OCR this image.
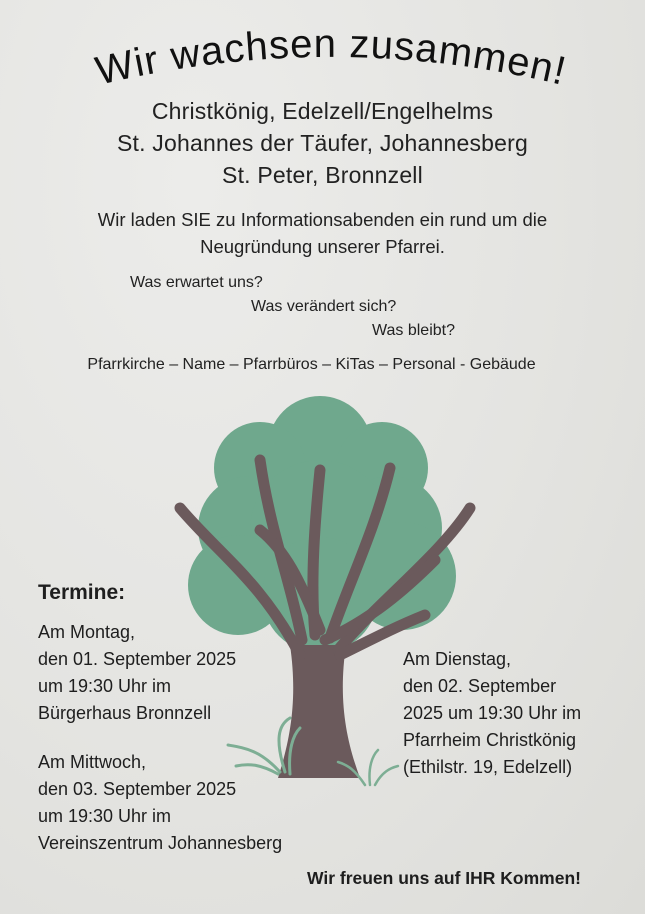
Wir wachsen zusammen!
Christkönig, Edelzell/Engelhelms
St. Johannes der Täufer, Johannesberg
St. Peter, Bronnzell
Wir laden SIE zu Informationsabenden ein rund um die
Neugründung unserer Pfarrei.
Was erwartet uns?
Was verändert sich?
Was bleibt?
Pfarrkirche – Name – Pfarrbüros – KiTas – Personal - Gebäude
Termine:
Am Montag,
den 01. September 2025
um 19:30 Uhr im
Bürgerhaus Bronnzell
Am Dienstag,
den 02. September
2025 um 19:30 Uhr im
Pfarrheim Christkönig
(Ethilstr. 19, Edelzell)
Am Mittwoch,
den 03. September 2025
um 19:30 Uhr im
Vereinszentrum Johannesberg
Wir freuen uns auf IHR Kommen!
